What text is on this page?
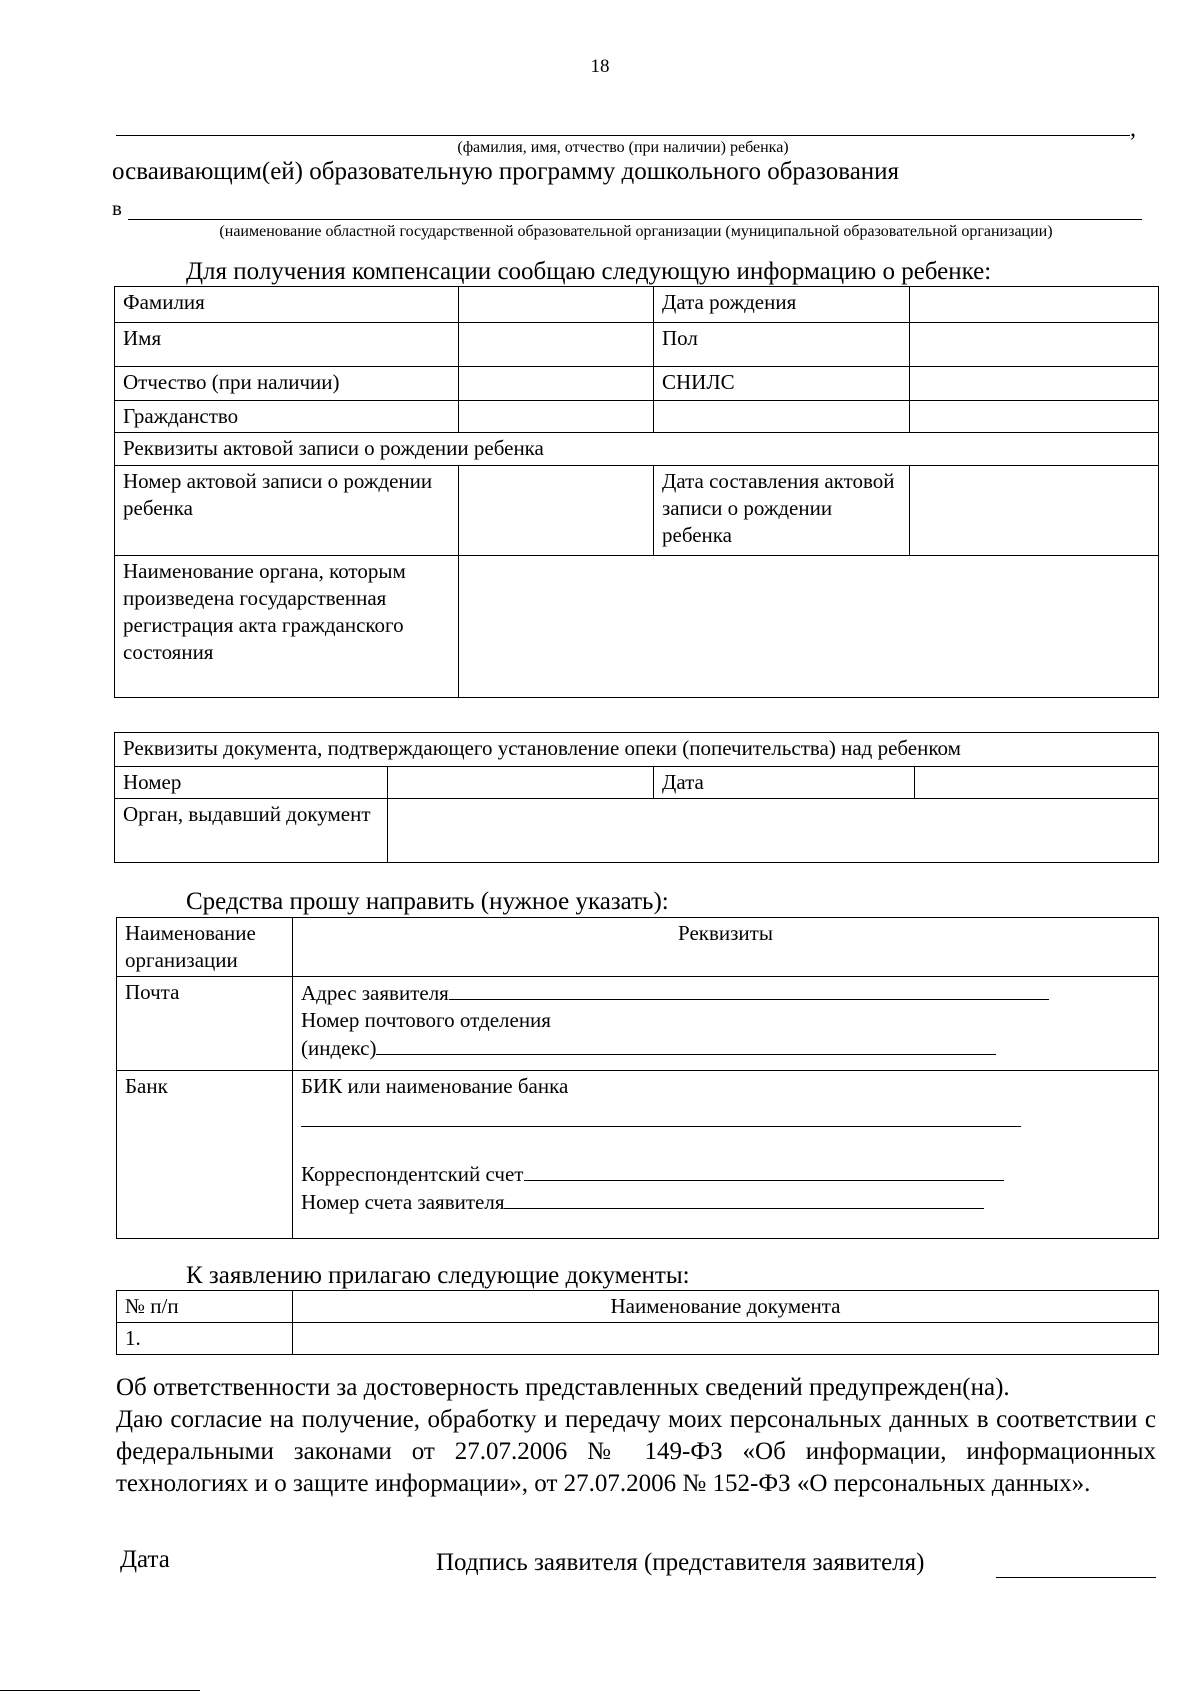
18
,
(фамилия, имя, отчество (при наличии) ребенка)
осваивающим(ей) образовательную программу дошкольного образования
в
(наименование областной государственной образовательной организации (муниципальной образовательной организации)
Для получения компенсации сообщаю следующую информацию о ребенке:
Фамилия		Дата рождения	
Имя		Пол	
Отчество (при наличии)		СНИЛС	
Гражданство			
Реквизиты актовой записи о рождении ребенка			
Номер актовой записи о рождении ребенка		Дата составления актовой записи о рождении ребенка	
Наименование органа, которым произведена государственная регистрация акта гражданского состояния			
Реквизиты документа, подтверждающего установление опеки (попечительства) над ребенком			
Номер		Дата	
Орган, выдавший документ			
Средства прошу направить (нужное указать):
Наименование организации	Реквизиты
Почта	Адрес заявителя
Номер почтового отделения
(индекс)

Банк	БИК или наименование банка
Корреспондентский счет
Номер счета заявителя
К заявлению прилагаю следующие документы:
№ п/п	Наименование документа
1.	

Об ответственности за достоверность представленных сведений предупрежден(на).

Даю согласие на получение, обработку и передачу моих персональных данных в соответствии с федеральными законами от 27.07.2006 № 149-ФЗ «Об информации, информационных технологиях и о защите информации», от 27.07.2006 № 152-ФЗ «О персональных данных».

Дата	Подпись заявителя (представителя заявителя)
